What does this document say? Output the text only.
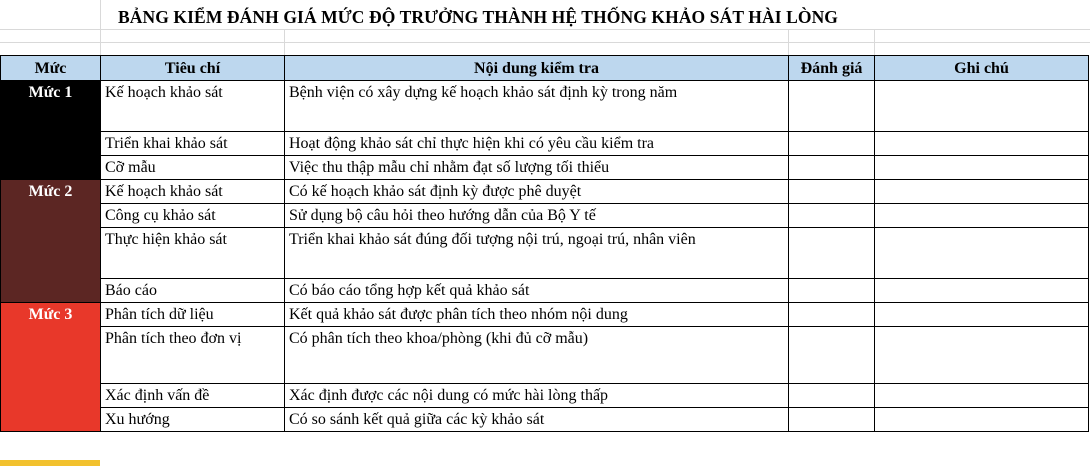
BẢNG KIỂM ĐÁNH GIÁ MỨC ĐỘ TRƯỞNG THÀNH HỆ THỐNG KHẢO SÁT HÀI LÒNG
Mức	Tiêu chí	Nội dung kiểm tra	Đánh giá	Ghi chú
Mức 1	Kế hoạch khảo sát	Bệnh viện có xây dựng kế hoạch khảo sát định kỳ trong năm		
	Triển khai khảo sát	Hoạt động khảo sát chỉ thực hiện khi có yêu cầu kiểm tra		
	Cỡ mẫu	Việc thu thập mẫu chỉ nhằm đạt số lượng tối thiểu		
Mức 2	Kế hoạch khảo sát	Có kế hoạch khảo sát định kỳ được phê duyệt		
	Công cụ khảo sát	Sử dụng bộ câu hỏi theo hướng dẫn của Bộ Y tế		
	Thực hiện khảo sát	Triển khai khảo sát đúng đối tượng nội trú, ngoại trú, nhân viên		
	Báo cáo	Có báo cáo tổng hợp kết quả khảo sát		
Mức 3	Phân tích dữ liệu	Kết quả khảo sát được phân tích theo nhóm nội dung		
	Phân tích theo đơn vị	Có phân tích theo khoa/phòng (khi đủ cỡ mẫu)		
	Xác định vấn đề	Xác định được các nội dung có mức hài lòng thấp		
	Xu hướng	Có so sánh kết quả giữa các kỳ khảo sát		
